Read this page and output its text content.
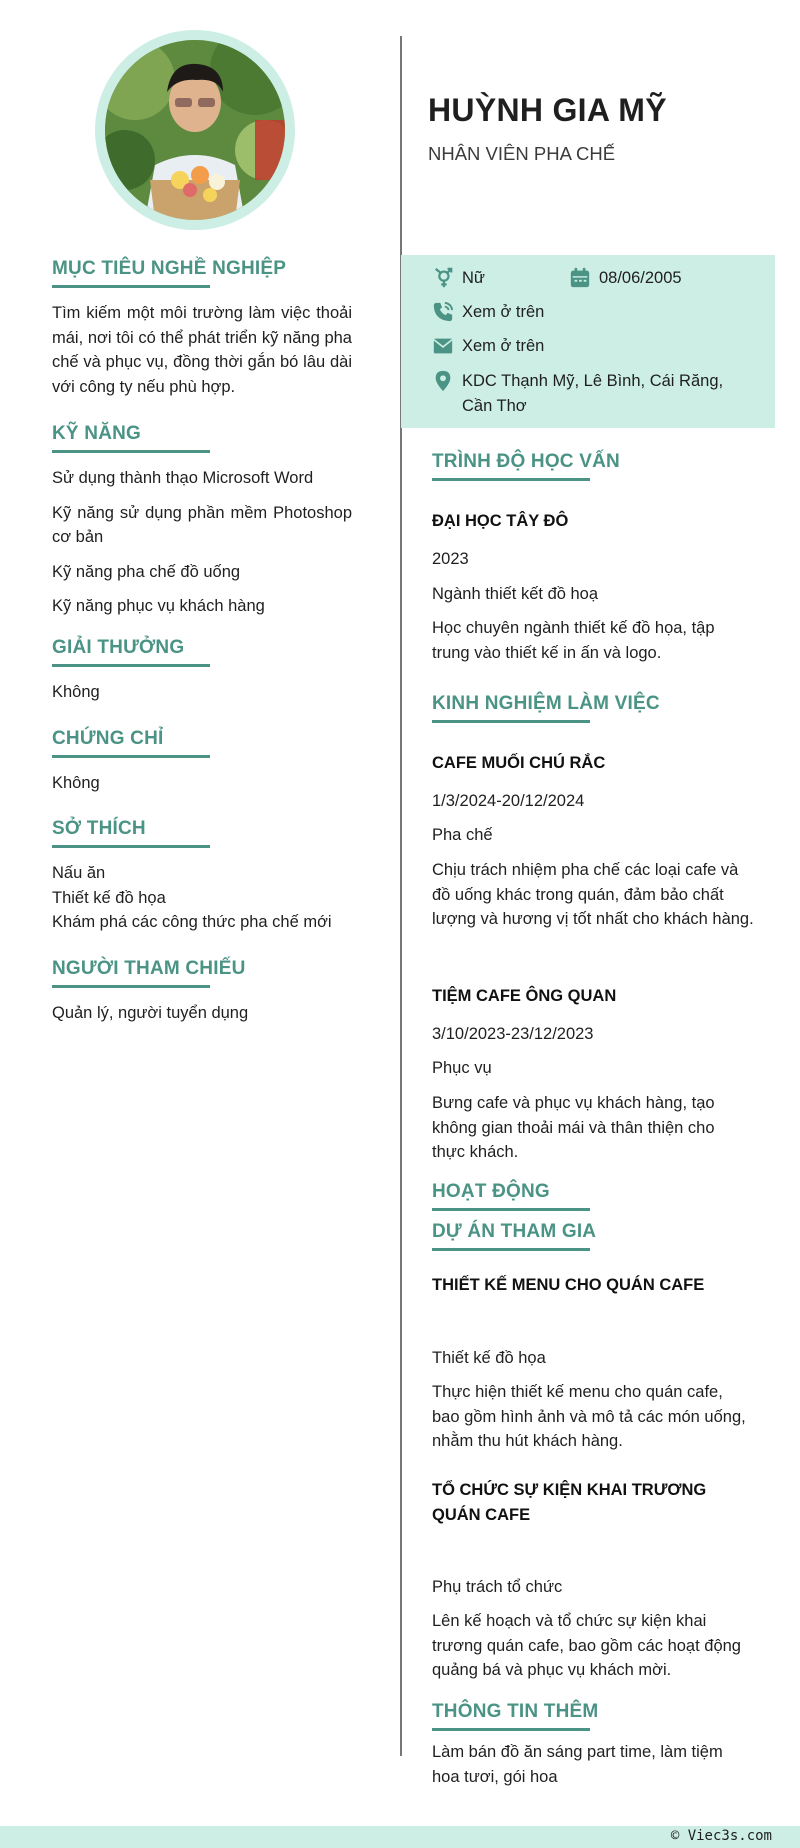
MỤC TIÊU NGHỀ NGHIỆP
Tìm kiếm một môi trường làm việc thoải mái, nơi tôi có thể phát triển kỹ năng pha chế và phục vụ, đồng thời gắn bó lâu dài với công ty nếu phù hợp.
KỸ NĂNG
Sử dụng thành thạo Microsoft Word
Kỹ năng sử dụng phần mềm Photoshop cơ bản
Kỹ năng pha chế đồ uống
Kỹ năng phục vụ khách hàng
GIẢI THƯỞNG
Không
CHỨNG CHỈ
Không
SỞ THÍCH
Nấu ăn
Thiết kế đồ họa
Khám phá các công thức pha chế mới
NGƯỜI THAM CHIẾU
Quản lý, người tuyển dụng
HUỲNH GIA MỸ
NHÂN VIÊN PHA CHẾ
Nữ	08/06/2005
Xem ở trên
Xem ở trên
KDC Thạnh Mỹ, Lê Bình, Cái Răng, Cần Thơ
TRÌNH ĐỘ HỌC VẤN
ĐẠI HỌC TÂY ĐÔ
2023
Ngành thiết kết đồ hoạ
Học chuyên ngành thiết kế đồ họa, tập trung vào thiết kế in ấn và logo.
KINH NGHIỆM LÀM VIỆC
CAFE MUỐI CHÚ RẮC
1/3/2024-20/12/2024
Pha chế
Chịu trách nhiệm pha chế các loại cafe và đồ uống khác trong quán, đảm bảo chất lượng và hương vị tốt nhất cho khách hàng.
TIỆM CAFE ÔNG QUAN
3/10/2023-23/12/2023
Phục vụ
Bưng cafe và phục vụ khách hàng, tạo không gian thoải mái và thân thiện cho thực khách.
HOẠT ĐỘNG
DỰ ÁN THAM GIA
THIẾT KẾ MENU CHO QUÁN CAFE
Thiết kế đồ họa
Thực hiện thiết kế menu cho quán cafe, bao gồm hình ảnh và mô tả các món uống, nhằm thu hút khách hàng.
TỔ CHỨC SỰ KIỆN KHAI TRƯƠNG QUÁN CAFE
Phụ trách tổ chức
Lên kế hoạch và tổ chức sự kiện khai trương quán cafe, bao gồm các hoạt động quảng bá và phục vụ khách mời.
THÔNG TIN THÊM
Làm bán đồ ăn sáng part time, làm tiệm hoa tươi, gói hoa
© Viec3s.com
